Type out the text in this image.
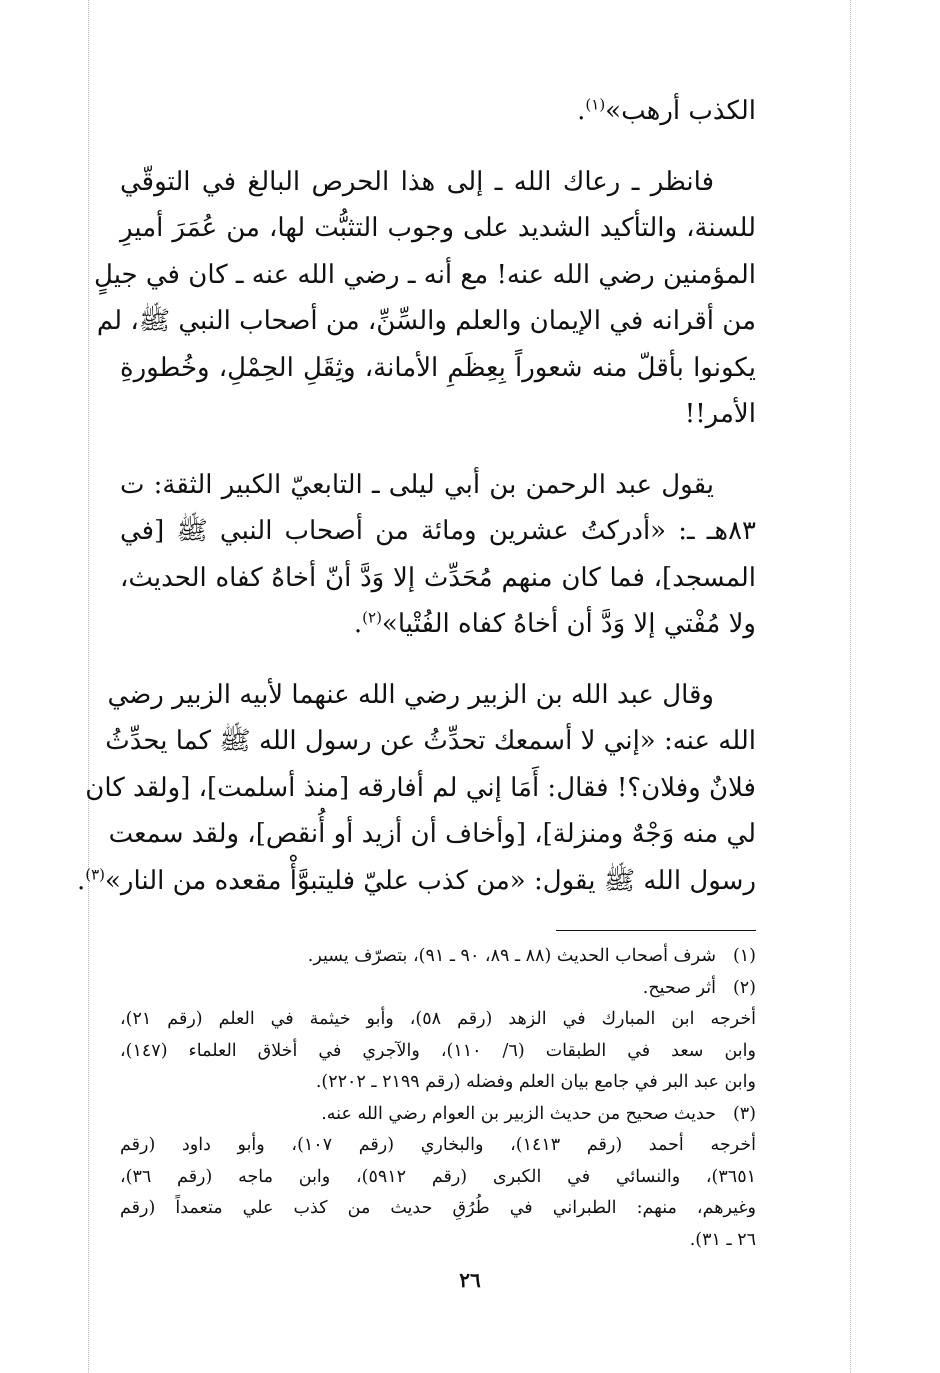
الكذب أرهب»$^{(١)}$.

فانظر ـ رعاك الله ـ إلى هذا الحرص البالغ في التوقّي
للسنة، والتأكيد الشديد على وجوب التثبُّت لها، من عُمَرَ أميرِ
المؤمنين رضي الله عنه! مع أنه ـ رضي الله عنه ـ كان في جيلٍ
من أقرانه في الإيمان والعلم والسِّنِّ، من أصحاب النبي ﷺ، لم
يكونوا بأقلّ منه شعوراً بِعِظَمِ الأمانة، وثِقَلِ الحِمْلِ، وخُطورةِ
الأمر!!

يقول عبد الرحمن بن أبي ليلى ـ التابعيّ الكبير الثقة: ت
٨٣هـ ـ: «أدركتُ عشرين ومائة من أصحاب النبي ﷺ [في
المسجد]، فما كان منهم مُحَدِّث إلا وَدَّ أنّ أخاهُ كفاه الحديث،
ولا مُفْتي إلا وَدَّ أن أخاهُ كفاه الفُتْيا»$^{(٢)}$.

وقال عبد الله بن الزبير رضي الله عنهما لأبيه الزبير رضي
الله عنه: «إني لا أسمعك تحدِّثُ عن رسول الله ﷺ كما يحدِّثُ
فلانٌ وفلان؟! فقال: أَمَا إني لم أفارقه [منذ أسلمت]، [ولقد كان
لي منه وَجْهٌ ومنزلة]، [وأخاف أن أزيد أو أُنقص]، ولقد سمعت
رسول الله ﷺ يقول: «من كذب عليّ فليتبوَّأْ مقعده من النار»$^{(٣)}$.

(١)
شرف أصحاب الحديث (٨٨ ـ ٨٩، ٩٠ ـ ٩١)، بتصرّف يسير.
(٢)
أثر صحيح.
أخرجه ابن المبارك في الزهد (رقم ٥٨)، وأبو خيثمة في العلم (رقم ٢١)،
وابن سعد في الطبقات (٦/ ١١٠)، والآجري في أخلاق العلماء (١٤٧)،
وابن عبد البر في جامع بيان العلم وفضله (رقم ٢١٩٩ ـ ٢٢٠٢).
(٣)
حديث صحيح من حديث الزبير بن العوام رضي الله عنه.
أخرجه أحمد (رقم ١٤١٣)، والبخاري (رقم ١٠٧)، وأبو داود (رقم
٣٦٥١)، والنسائي في الكبرى (رقم ٥٩١٢)، وابن ماجه (رقم ٣٦)،
وغيرهم، منهم: الطبراني في طُرُقِ حديث من كذب علي متعمداً (رقم
٢٦ ـ ٣١).
٢٦
